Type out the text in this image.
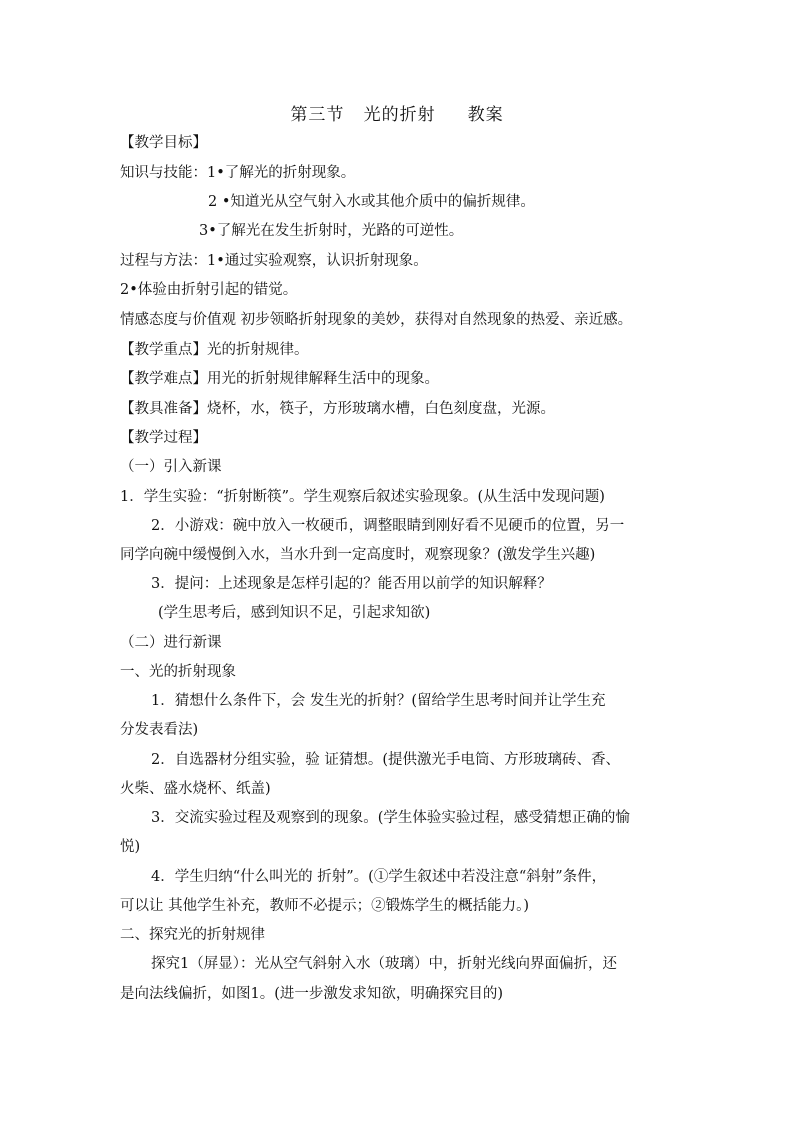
第三节   光的折射     教案
【教学目标】
知识与技能：1•了解光的折射现象。
2 •知道光从空气射入水或其他介质中的偏折规律。
3•了解光在发生折射时，光路的可逆性。
过程与方法：1•通过实验观察，认识折射现象。
2•体验由折射引起的错觉。
情感态度与价值观 初步领略折射现象的美妙，获得对自然现象的热爱、亲近感。
【教学重点】光的折射规律。
【教学难点】用光的折射规律解释生活中的现象。
【教具准备】烧杯，水，筷子，方形玻璃水槽，白色刻度盘，光源。
【教学过程】
（一）引入新课
1．学生实验：“折射断筷”。学生观察后叙述实验现象。(从生活中发现问题)
2．小游戏：碗中放入一枚硬币，调整眼睛到刚好看不见硬币的位置，另一
同学向碗中缓慢倒入水，当水升到一定高度时，观察现象？(激发学生兴趣)
3．提问：上述现象是怎样引起的？能否用以前学的知识解释？
(学生思考后，感到知识不足，引起求知欲)
（二）进行新课
一、光的折射现象
1．猜想什么条件下，会 发生光的折射？(留给学生思考时间并让学生充
分发表看法)
2．自选器材分组实验，验 证猜想。(提供激光手电筒、方形玻璃砖、香、
火柴、盛水烧杯、纸盖)
3．交流实验过程及观察到的现象。(学生体验实验过程，感受猜想正确的愉
悦)
4．学生归纳“什么叫光的 折射”。(①学生叙述中若没注意“斜射”条件，
可以让 其他学生补充，教师不必提示；②锻炼学生的概括能力。)
二、探究光的折射规律
探究1（屏显）：光从空气斜射入水（玻璃）中，折射光线向界面偏折，还
是向法线偏折，如图1。(进一步激发求知欲，明确探究目的)
